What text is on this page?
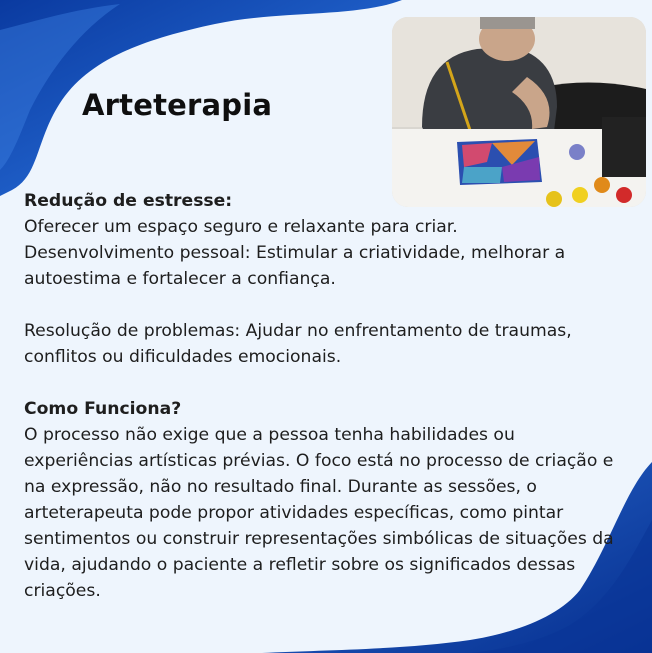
Arteterapia

Redução de estresse:

Oferecer um espaço seguro e relaxante para criar.

Desenvolvimento pessoal: Estimular a criatividade, melhorar a autoestima e fortalecer a confiança.

Resolução de problemas: Ajudar no enfrentamento de traumas, conflitos ou dificuldades emocionais.

Como Funciona?

O processo não exige que a pessoa tenha habilidades ou experiências artísticas prévias. O foco está no processo de criação e na expressão, não no resultado final. Durante as sessões, o arteterapeuta pode propor atividades específicas, como pintar sentimentos ou construir representações simbólicas de situações da vida, ajudando o paciente a refletir sobre os significados dessas criações.
